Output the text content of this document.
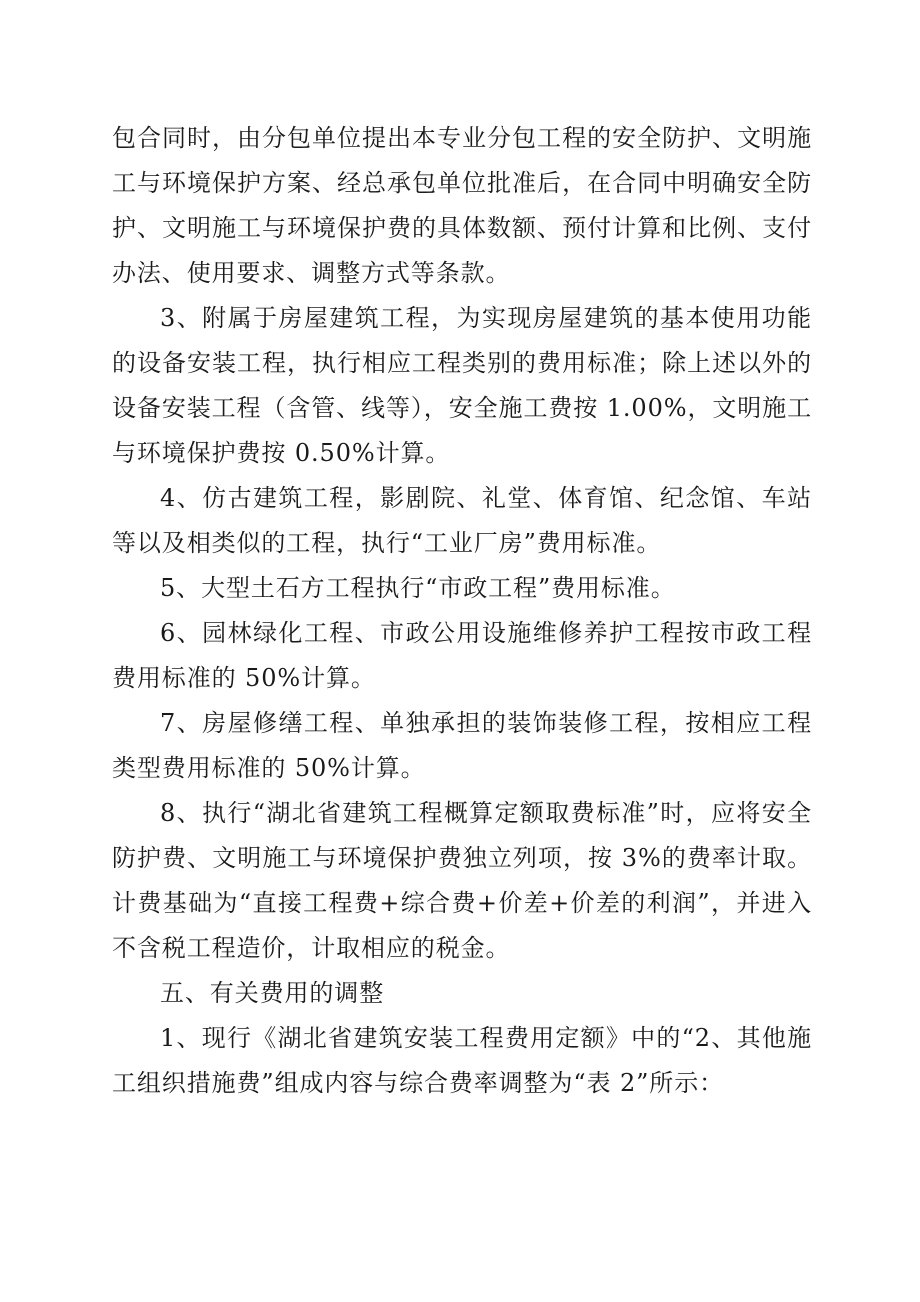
包合同时，由分包单位提出本专业分包工程的安全防护、文明施工与环境保护方案、经总承包单位批准后，在合同中明确安全防护、文明施工与环境保护费的具体数额、预付计算和比例、支付办法、使用要求、调整方式等条款。

3、附属于房屋建筑工程，为实现房屋建筑的基本使用功能的设备安装工程，执行相应工程类别的费用标准；除上述以外的设备安装工程（含管、线等），安全施工费按 1.00%，文明施工与环境保护费按 0.50%计算。

4、仿古建筑工程，影剧院、礼堂、体育馆、纪念馆、车站等以及相类似的工程，执行“工业厂房”费用标准。

5、大型土石方工程执行“市政工程”费用标准。

6、园林绿化工程、市政公用设施维修养护工程按市政工程费用标准的 50%计算。

7、房屋修缮工程、单独承担的装饰装修工程，按相应工程类型费用标准的 50%计算。

8、执行“湖北省建筑工程概算定额取费标准”时，应将安全防护费、文明施工与环境保护费独立列项，按 3%的费率计取。计费基础为“直接工程费+综合费+价差+价差的利润”，并进入不含税工程造价，计取相应的税金。

五、有关费用的调整

1、现行《湖北省建筑安装工程费用定额》中的“2、其他施工组织措施费”组成内容与综合费率调整为“表 2”所示：
